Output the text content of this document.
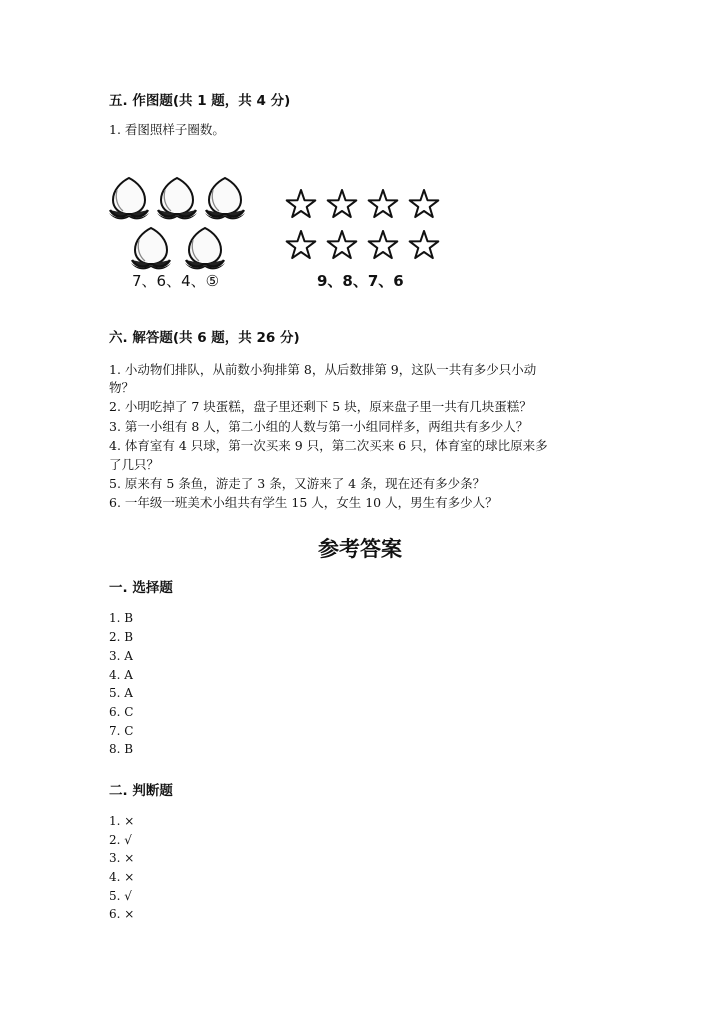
五. 作图题(共 1 题，共 4 分)
1. 看图照样子圈数。
7、6、4、⑤	9、8、7、6
六. 解答题(共 6 题，共 26 分)
1. 小动物们排队，从前数小狗排第 8，从后数排第 9，这队一共有多少只小动
物？
2. 小明吃掉了 7 块蛋糕，盘子里还剩下 5 块，原来盘子里一共有几块蛋糕？
3. 第一小组有 8 人，第二小组的人数与第一小组同样多，两组共有多少人？
4. 体育室有 4 只球，第一次买来 9 只，第二次买来 6 只，体育室的球比原来多
了几只？
5. 原来有 5 条鱼，游走了 3 条，又游来了 4 条，现在还有多少条？
6. 一年级一班美术小组共有学生 15 人，女生 10 人，男生有多少人？
参考答案
一. 选择题
1. B
2. B
3. A
4. A
5. A
6. C
7. C
8. B
二. 判断题
1. ×
2. √
3. ×
4. ×
5. √
6. ×
